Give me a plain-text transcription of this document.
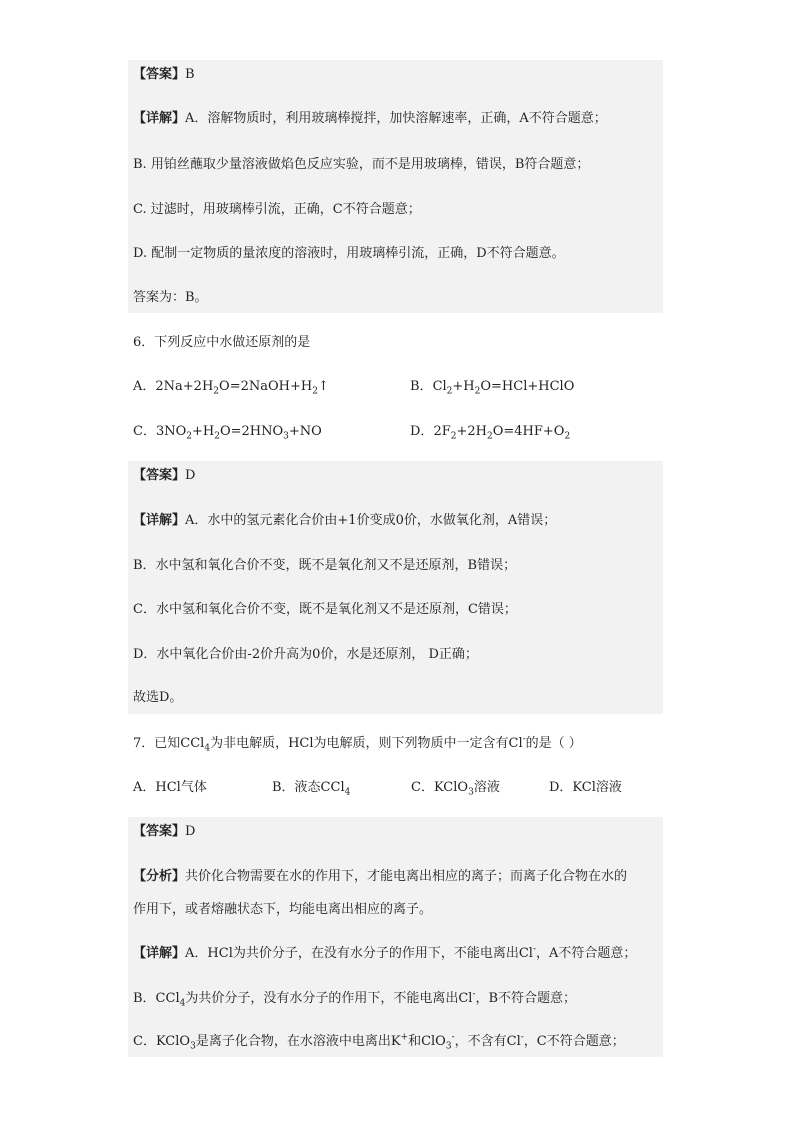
【答案】B
【详解】A．溶解物质时，利用玻璃棒搅拌，加快溶解速率，正确，A不符合题意；
B. 用铂丝蘸取少量溶液做焰色反应实验，而不是用玻璃棒，错误，B符合题意；
C. 过滤时，用玻璃棒引流，正确，C不符合题意；
D. 配制一定物质的量浓度的溶液时，用玻璃棒引流，正确，D不符合题意。
答案为：B。
6．下列反应中水做还原剂的是
A．$2Na+2H_2O=2NaOH+H_2↑$	B．$Cl_2+H_2O=HCl+HClO$
C．$3NO_2+H_2O=2HNO_3+NO$	D．$2F_2+2H_2O=4HF+O_2$
【答案】D
【详解】A．水中的氢元素化合价由+1价变成0价，水做氧化剂，A错误；
B．水中氢和氧化合价不变，既不是氧化剂又不是还原剂，B错误；
C．水中氢和氧化合价不变，既不是氧化剂又不是还原剂，C错误；
D．水中氧化合价由-2价升高为0价，水是还原剂， D正确；
故选D。
7．已知CCl$_4$为非电解质，HCl为电解质，则下列物质中一定含有Cl-的是（ ）
A．HCl气体	B．液态CCl$_4$	C．KClO$_3$溶液	D．KCl溶液
【答案】D
【分析】共价化合物需要在水的作用下，才能电离出相应的离子；而离子化合物在水的
作用下，或者熔融状态下，均能电离出相应的离子。
【详解】A．HCl为共价分子，在没有水分子的作用下，不能电离出Cl-，A不符合题意；
B．CCl$_4$为共价分子，没有水分子的作用下，不能电离出Cl-，B不符合题意；
C．KClO$_3$是离子化合物，在水溶液中电离出K+和ClO$_3$-，不含有Cl-，C不符合题意；
